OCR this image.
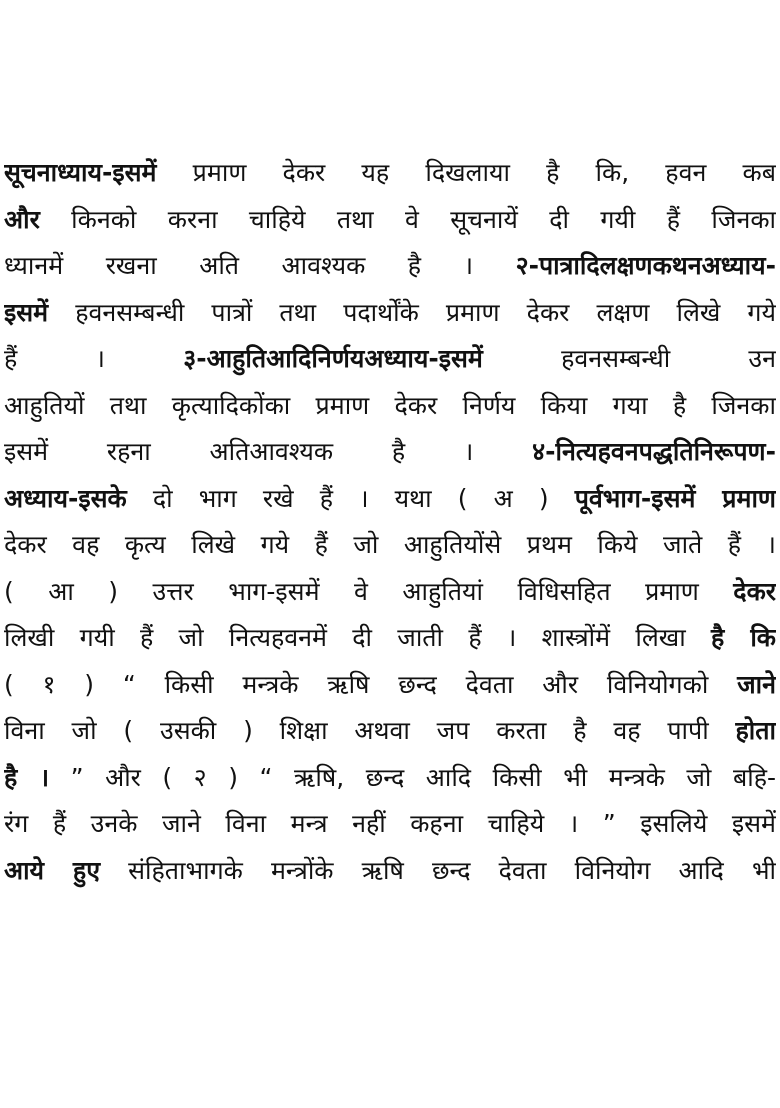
सूचनाध्याय-इसमें प्रमाण देकर यह दिखलाया है कि, हवन कब
और किनको करना चाहिये तथा वे सूचनायें दी गयी हैं जिनका
ध्यानमें रखना अति आवश्यक है । २-पात्रादिलक्षणकथनअध्याय-
इसमें हवनसम्बन्धी पात्रों तथा पदार्थोंके प्रमाण देकर लक्षण लिखे गये
हैं । ३-आहुतिआदिनिर्णयअध्याय-इसमें हवनसम्बन्धी उन
आहुतियों तथा कृत्यादिकोंका प्रमाण देकर निर्णय किया गया है जिनका
इसमें रहना अतिआवश्यक है । ४-नित्यहवनपद्धतिनिरूपण-
अध्याय-इसके दो भाग रखे हैं । यथा ( अ ) पूर्वभाग-इसमें प्रमाण
देकर वह कृत्य लिखे गये हैं जो आहुतियोंसे प्रथम किये जाते हैं ।
( आ ) उत्तर भाग-इसमें वे आहुतियां विधिसहित प्रमाण देकर
लिखी गयी हैं जो नित्यहवनमें दी जाती हैं । शास्त्रोंमें लिखा है कि
( १ ) “ किसी मन्त्रके ऋषि छन्द देवता और विनियोगको जाने
विना जो ( उसकी ) शिक्षा अथवा जप करता है वह पापी होता
है । ” और ( २ ) “ ऋषि, छन्द आदि किसी भी मन्त्रके जो बहि-
रंग हैं उनके जाने विना मन्त्र नहीं कहना चाहिये । ” इसलिये इसमें
आये हुए संहिताभागके मन्त्रोंके ऋषि छन्द देवता विनियोग आदि भी
